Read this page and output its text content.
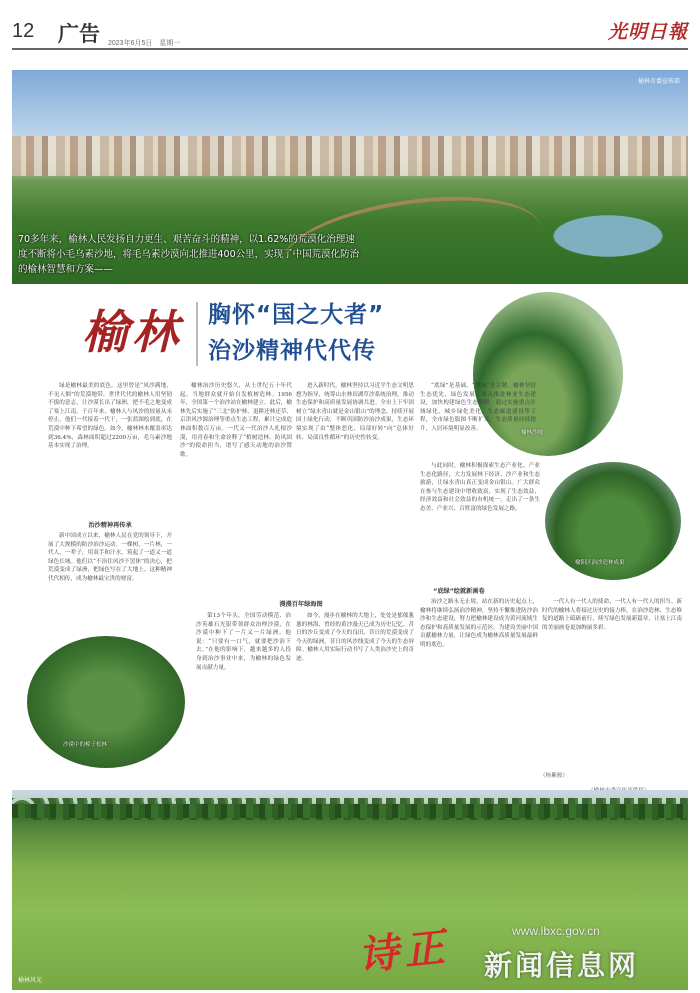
12 广告 2023年6月5日　星期一
光明日報
榆林市委宣传部
70多年来，榆林人民发扬自力更生、艰苦奋斗的精神，以1.62%的荒漠化治理速
度不断将小毛乌素沙地，将毛乌素沙漠向北推进400公里，实现了中国荒漠化防治
的榆林智慧和方案——
榆林 胸怀“国之大者”
治沙精神代代传
榆林沙地
榆阳区治沙造林成果
沙漠中的樟子松林

绿是榆林最美的底色。这里曾是“风沙满地，不见人烟”的荒漠地带，世世代代的榆林人用坚韧不拔的意志，让沙漠长出了绿洲，把不毛之地变成了塞上江南。千百年来，榆林人与风沙的较量从未停止，他们一代接着一代干，一张蓝图绘到底，在荒漠中种下希望的绿色。如今，榆林林木覆盖率达到36.4%，森林面积超过2200万亩，毛乌素沙地基本实现了治理。

治沙精神再传承

新中国成立以来，榆林人民在党的领导下，开展了大规模的防沙治沙运动。一棵树、一片林，一代人、一辈子，用双手和汗水，筑起了一道又一道绿色长城。他们以“不治住风沙不罢休”的决心，把荒漠变成了绿洲，把绿色写在了大地上。这种精神代代相传，成为榆林最宝贵的财富。

榆林治沙历史悠久，从上世纪五十年代起，当地群众就开始自发植树造林。1956年，全国第一个治沙站在榆林建立。此后，榆林先后实施了“三北”防护林、退耕还林还草、京津风沙源治理等重点生态工程，累计完成造林面积数百万亩。一代又一代治沙人扎根沙漠，用青春和生命诠释了“植树造林、防风固沙”的使命担当，谱写了感天动地的治沙赞歌。

进入新时代，榆林坚持以习近平生态文明思想为指导，统筹山水林田湖草沙系统治理，推动生态保护和高质量发展协调共进。全市上下牢固树立“绿水青山就是金山银山”的理念，持续开展国土绿化行动，不断巩固防沙治沙成果，生态环境实现了由“整体恶化、局部好转”向“总体好转、局部良性循环”的历史性转变。

漫漫百年绿海图

第13个年头，全国劳动模范、治沙英雄石光银带领群众治理沙漠，在沙漠中种下了一片又一片绿洲。他说：“只要有一口气，就要把沙治下去。”在他的影响下，越来越多的人投身到治沙事业中来，为榆林的绿色发展贡献力量。

如今，漫步在榆林的大地上，处处是郁郁葱葱的林海，曾经的黄沙漫天已成为历史记忆。昔日的沙丘变成了今天的良田，昔日的荒漠变成了今天的绿洲，昔日的风沙线变成了今天的生态屏障。榆林人用实际行动书写了人类治沙史上的奇迹。

“底绿”是基础，“增绿”是关键。榆林坚持生态优先、绿色发展，深入推进林业生态建设，加快构建绿色生态屏障。通过实施重点区域绿化、城乡绿化美化、生态廊道建设等工程，全市绿色版图不断扩大，生态质量持续提升，人居环境明显改善。

与此同时，榆林积极探索生态产业化、产业生态化路径，大力发展林下经济、沙产业和生态旅游，让绿水青山真正变成金山银山。广大群众在参与生态建设中增收致富，实现了生态效益、经济效益和社会效益的有机统一，走出了一条生态美、产业兴、百姓富的绿色发展之路。

“底绿”绘就新画卷

治沙之路永无止境。站在新的历史起点上，榆林将继续弘扬治沙精神，坚持不懈推进防沙治沙和生态建设，努力把榆林建设成为黄河流域生态保护和高质量发展的示范区，为建设美丽中国贡献榆林力量，让绿色成为榆林高质量发展最鲜明的底色。

一代人有一代人的使命，一代人有一代人的担当。新时代的榆林人将接过历史的接力棒，在治沙造林、生态修复的道路上砥砺前行，续写绿色发展新篇章，让塞上江南的美丽画卷更加绚丽多彩。

（杨紫骏）
榆林风光
www.lbxc.gov.cn
诗正 新闻信息网
